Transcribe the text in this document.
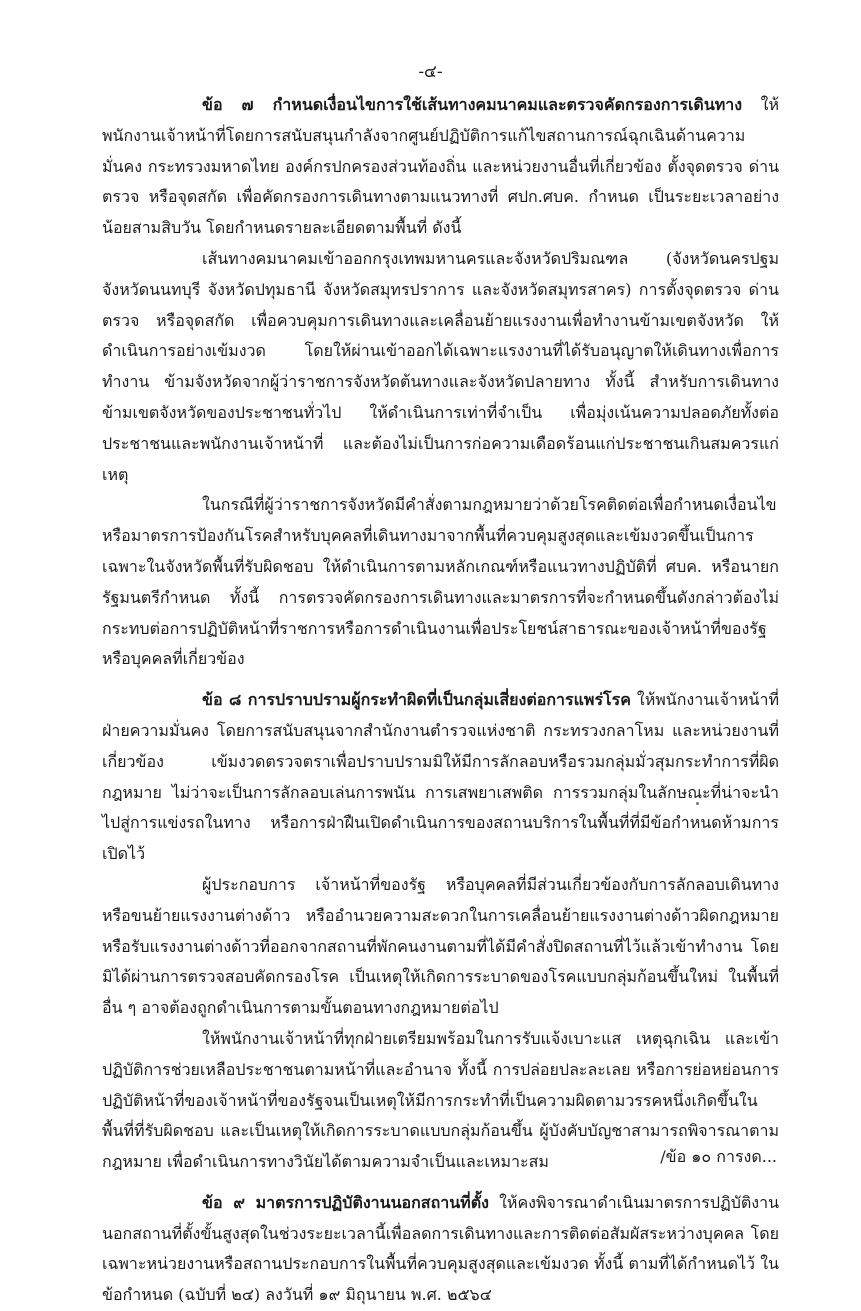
-๔-

ข้อ ๗ กำหนดเงื่อนไขการใช้เส้นทางคมนาคมและตรวจคัดกรองการเดินทาง ให้พนักงานเจ้าหน้าที่โดยการสนับสนุนกำลังจากศูนย์ปฏิบัติการแก้ไขสถานการณ์ฉุกเฉินด้านความมั่นคง กระทรวงมหาดไทย องค์กรปกครองส่วนท้องถิ่น และหน่วยงานอื่นที่เกี่ยวข้อง ตั้งจุดตรวจ ด่านตรวจ หรือจุดสกัด เพื่อคัดกรองการเดินทางตามแนวทางที่ ศปก.ศบค. กำหนด เป็นระยะเวลาอย่างน้อยสามสิบวัน โดยกำหนดรายละเอียดตามพื้นที่ ดังนี้

เส้นทางคมนาคมเข้าออกกรุงเทพมหานครและจังหวัดปริมณฑล (จังหวัดนครปฐม จังหวัดนนทบุรี จังหวัดปทุมธานี จังหวัดสมุทรปราการ และจังหวัดสมุทรสาคร) การตั้งจุดตรวจ ด่านตรวจ หรือจุดสกัด เพื่อควบคุมการเดินทางและเคลื่อนย้ายแรงงานเพื่อทำงานข้ามเขตจังหวัด ให้ดำเนินการอย่างเข้มงวด โดยให้ผ่านเข้าออกได้เฉพาะแรงงานที่ได้รับอนุญาตให้เดินทางเพื่อการทำงาน ข้ามจังหวัดจากผู้ว่าราชการจังหวัดต้นทางและจังหวัดปลายทาง ทั้งนี้ สำหรับการเดินทางข้ามเขตจังหวัดของประชาชนทั่วไป ให้ดำเนินการเท่าที่จำเป็น เพื่อมุ่งเน้นความปลอดภัยทั้งต่อประชาชนและพนักงานเจ้าหน้าที่ และต้องไม่เป็นการก่อความเดือดร้อนแก่ประชาชนเกินสมควรแก่เหตุ

ในกรณีที่ผู้ว่าราชการจังหวัดมีคำสั่งตามกฎหมายว่าด้วยโรคติดต่อเพื่อกำหนดเงื่อนไข หรือมาตรการป้องกันโรคสำหรับบุคคลที่เดินทางมาจากพื้นที่ควบคุมสูงสุดและเข้มงวดขึ้นเป็นการเฉพาะในจังหวัดพื้นที่รับผิดชอบ ให้ดำเนินการตามหลักเกณฑ์หรือแนวทางปฏิบัติที่ ศบค. หรือนายกรัฐมนตรีกำหนด ทั้งนี้ การตรวจคัดกรองการเดินทางและมาตรการที่จะกำหนดขึ้นดังกล่าวต้องไม่กระทบต่อการปฏิบัติหน้าที่ราชการหรือการดำเนินงานเพื่อประโยชน์สาธารณะของเจ้าหน้าที่ของรัฐหรือบุคคลที่เกี่ยวข้อง

ข้อ ๘ การปราบปรามผู้กระทำผิดที่เป็นกลุ่มเสี่ยงต่อการแพร่โรค ให้พนักงานเจ้าหน้าที่ฝ่ายความมั่นคง โดยการสนับสนุนจากสำนักงานตำรวจแห่งชาติ กระทรวงกลาโหม และหน่วยงานที่เกี่ยวข้อง เข้มงวดตรวจตราเพื่อปราบปรามมิให้มีการลักลอบหรือรวมกลุ่มมั่วสุมกระทำการที่ผิดกฎหมาย ไม่ว่าจะเป็นการลักลอบเล่นการพนัน การเสพยาเสพติด การรวมกลุ่มในลักษณะที่น่าจะนำไปสู่การแข่งรถในทาง หรือการฝ่าฝืนเปิดดำเนินการของสถานบริการในพื้นที่ที่มีข้อกำหนดห้ามการเปิดไว้

ผู้ประกอบการ เจ้าหน้าที่ของรัฐ หรือบุคคลที่มีส่วนเกี่ยวข้องกับการลักลอบเดินทาง หรือขนย้ายแรงงานต่างด้าว หรืออำนวยความสะดวกในการเคลื่อนย้ายแรงงานต่างด้าวผิดกฎหมาย หรือรับแรงงานต่างด้าวที่ออกจากสถานที่พักคนงานตามที่ได้มีคำสั่งปิดสถานที่ไว้แล้วเข้าทำงาน โดยมิได้ผ่านการตรวจสอบคัดกรองโรค เป็นเหตุให้เกิดการระบาดของโรคแบบกลุ่มก้อนขึ้นใหม่ ในพื้นที่อื่น ๆ อาจต้องถูกดำเนินการตามขั้นตอนทางกฎหมายต่อไป

ให้พนักงานเจ้าหน้าที่ทุกฝ่ายเตรียมพร้อมในการรับแจ้งเบาะแส เหตุฉุกเฉิน และเข้าปฏิบัติการช่วยเหลือประชาชนตามหน้าที่และอำนาจ ทั้งนี้ การปล่อยปละละเลย หรือการย่อหย่อนการปฏิบัติหน้าที่ของเจ้าหน้าที่ของรัฐจนเป็นเหตุให้มีการกระทำที่เป็นความผิดตามวรรคหนึ่งเกิดขึ้นในพื้นที่ที่รับผิดชอบ และเป็นเหตุให้เกิดการระบาดแบบกลุ่มก้อนขึ้น ผู้บังคับบัญชาสามารถพิจารณาตามกฎหมาย เพื่อดำเนินการทางวินัยได้ตามความจำเป็นและเหมาะสม

ข้อ ๙ มาตรการปฏิบัติงานนอกสถานที่ตั้ง ให้คงพิจารณาดำเนินมาตรการปฏิบัติงาน นอกสถานที่ตั้งขั้นสูงสุดในช่วงระยะเวลานี้เพื่อลดการเดินทางและการติดต่อสัมผัสระหว่างบุคคล โดยเฉพาะหน่วยงานหรือสถานประกอบการในพื้นที่ควบคุมสูงสุดและเข้มงวด ทั้งนี้ ตามที่ได้กำหนดไว้ ในข้อกำหนด (ฉบับที่ ๒๔) ลงวันที่ ๑๙ มิถุนายน พ.ศ. ๒๕๖๔

/ข้อ ๑๐ การงด...
